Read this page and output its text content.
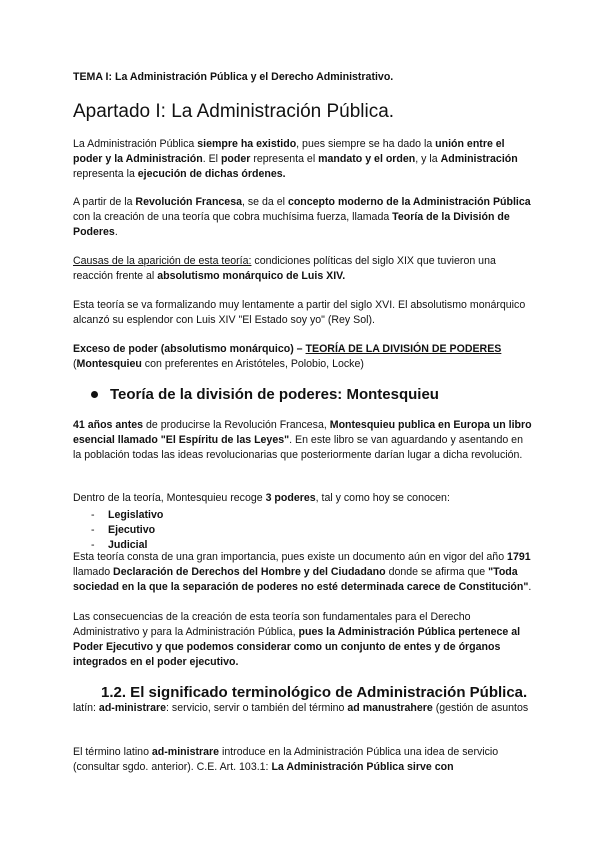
TEMA I: La Administración Pública y el Derecho Administrativo.
Apartado I: La Administración Pública.
La Administración Pública siempre ha existido, pues siempre se ha dado la unión entre el poder y la Administración. El poder representa el mandato y el orden, y la Administración representa la ejecución de dichas órdenes.
A partir de la Revolución Francesa, se da el concepto moderno de la Administración Pública con la creación de una teoría que cobra muchísima fuerza, llamada Teoría de la División de Poderes.
Causas de la aparición de esta teoría: condiciones políticas del siglo XIX que tuvieron una reacción frente al absolutismo monárquico de Luis XIV.
Esta teoría se va formalizando muy lentamente a partir del siglo XVI. El absolutismo monárquico alcanzó su esplendor con Luis XIV "El Estado soy yo" (Rey Sol).
Exceso de poder (absolutismo monárquico) – TEORÍA DE LA DIVISIÓN DE PODERES
(Montesquieu con preferentes en Aristóteles, Polobio, Locke)
Teoría de la división de poderes: Montesquieu
41 años antes de producirse la Revolución Francesa, Montesquieu publica en Europa un libro esencial llamado "El Espíritu de las Leyes". En este libro se van aguardando y asentando en la población todas las ideas revolucionarias que posteriormente darían lugar a dicha revolución.
Dentro de la teoría, Montesquieu recoge 3 poderes, tal y como hoy se conocen:
-	Legislativo
-	Ejecutivo
-	Judicial
Esta teoría consta de una gran importancia, pues existe un documento aún en vigor del año 1791 llamado Declaración de Derechos del Hombre y del Ciudadano donde se afirma que "Toda sociedad en la que la separación de poderes no esté determinada carece de Constitución".
Las consecuencias de la creación de esta teoría son fundamentales para el Derecho Administrativo y para la Administración Pública, pues la Administración Pública pertenece al Poder Ejecutivo y que podemos considerar como un conjunto de entes y de órganos integrados en el poder ejecutivo.
1.2. El significado terminológico de Administración Pública.
latín: ad-ministrare: servicio, servir o también del término ad manustrahere (gestión de asuntos
El término latino ad-ministrare introduce en la Administración Pública una idea de servicio (consultar sgdo. anterior). C.E. Art. 103.1: La Administración Pública sirve con
